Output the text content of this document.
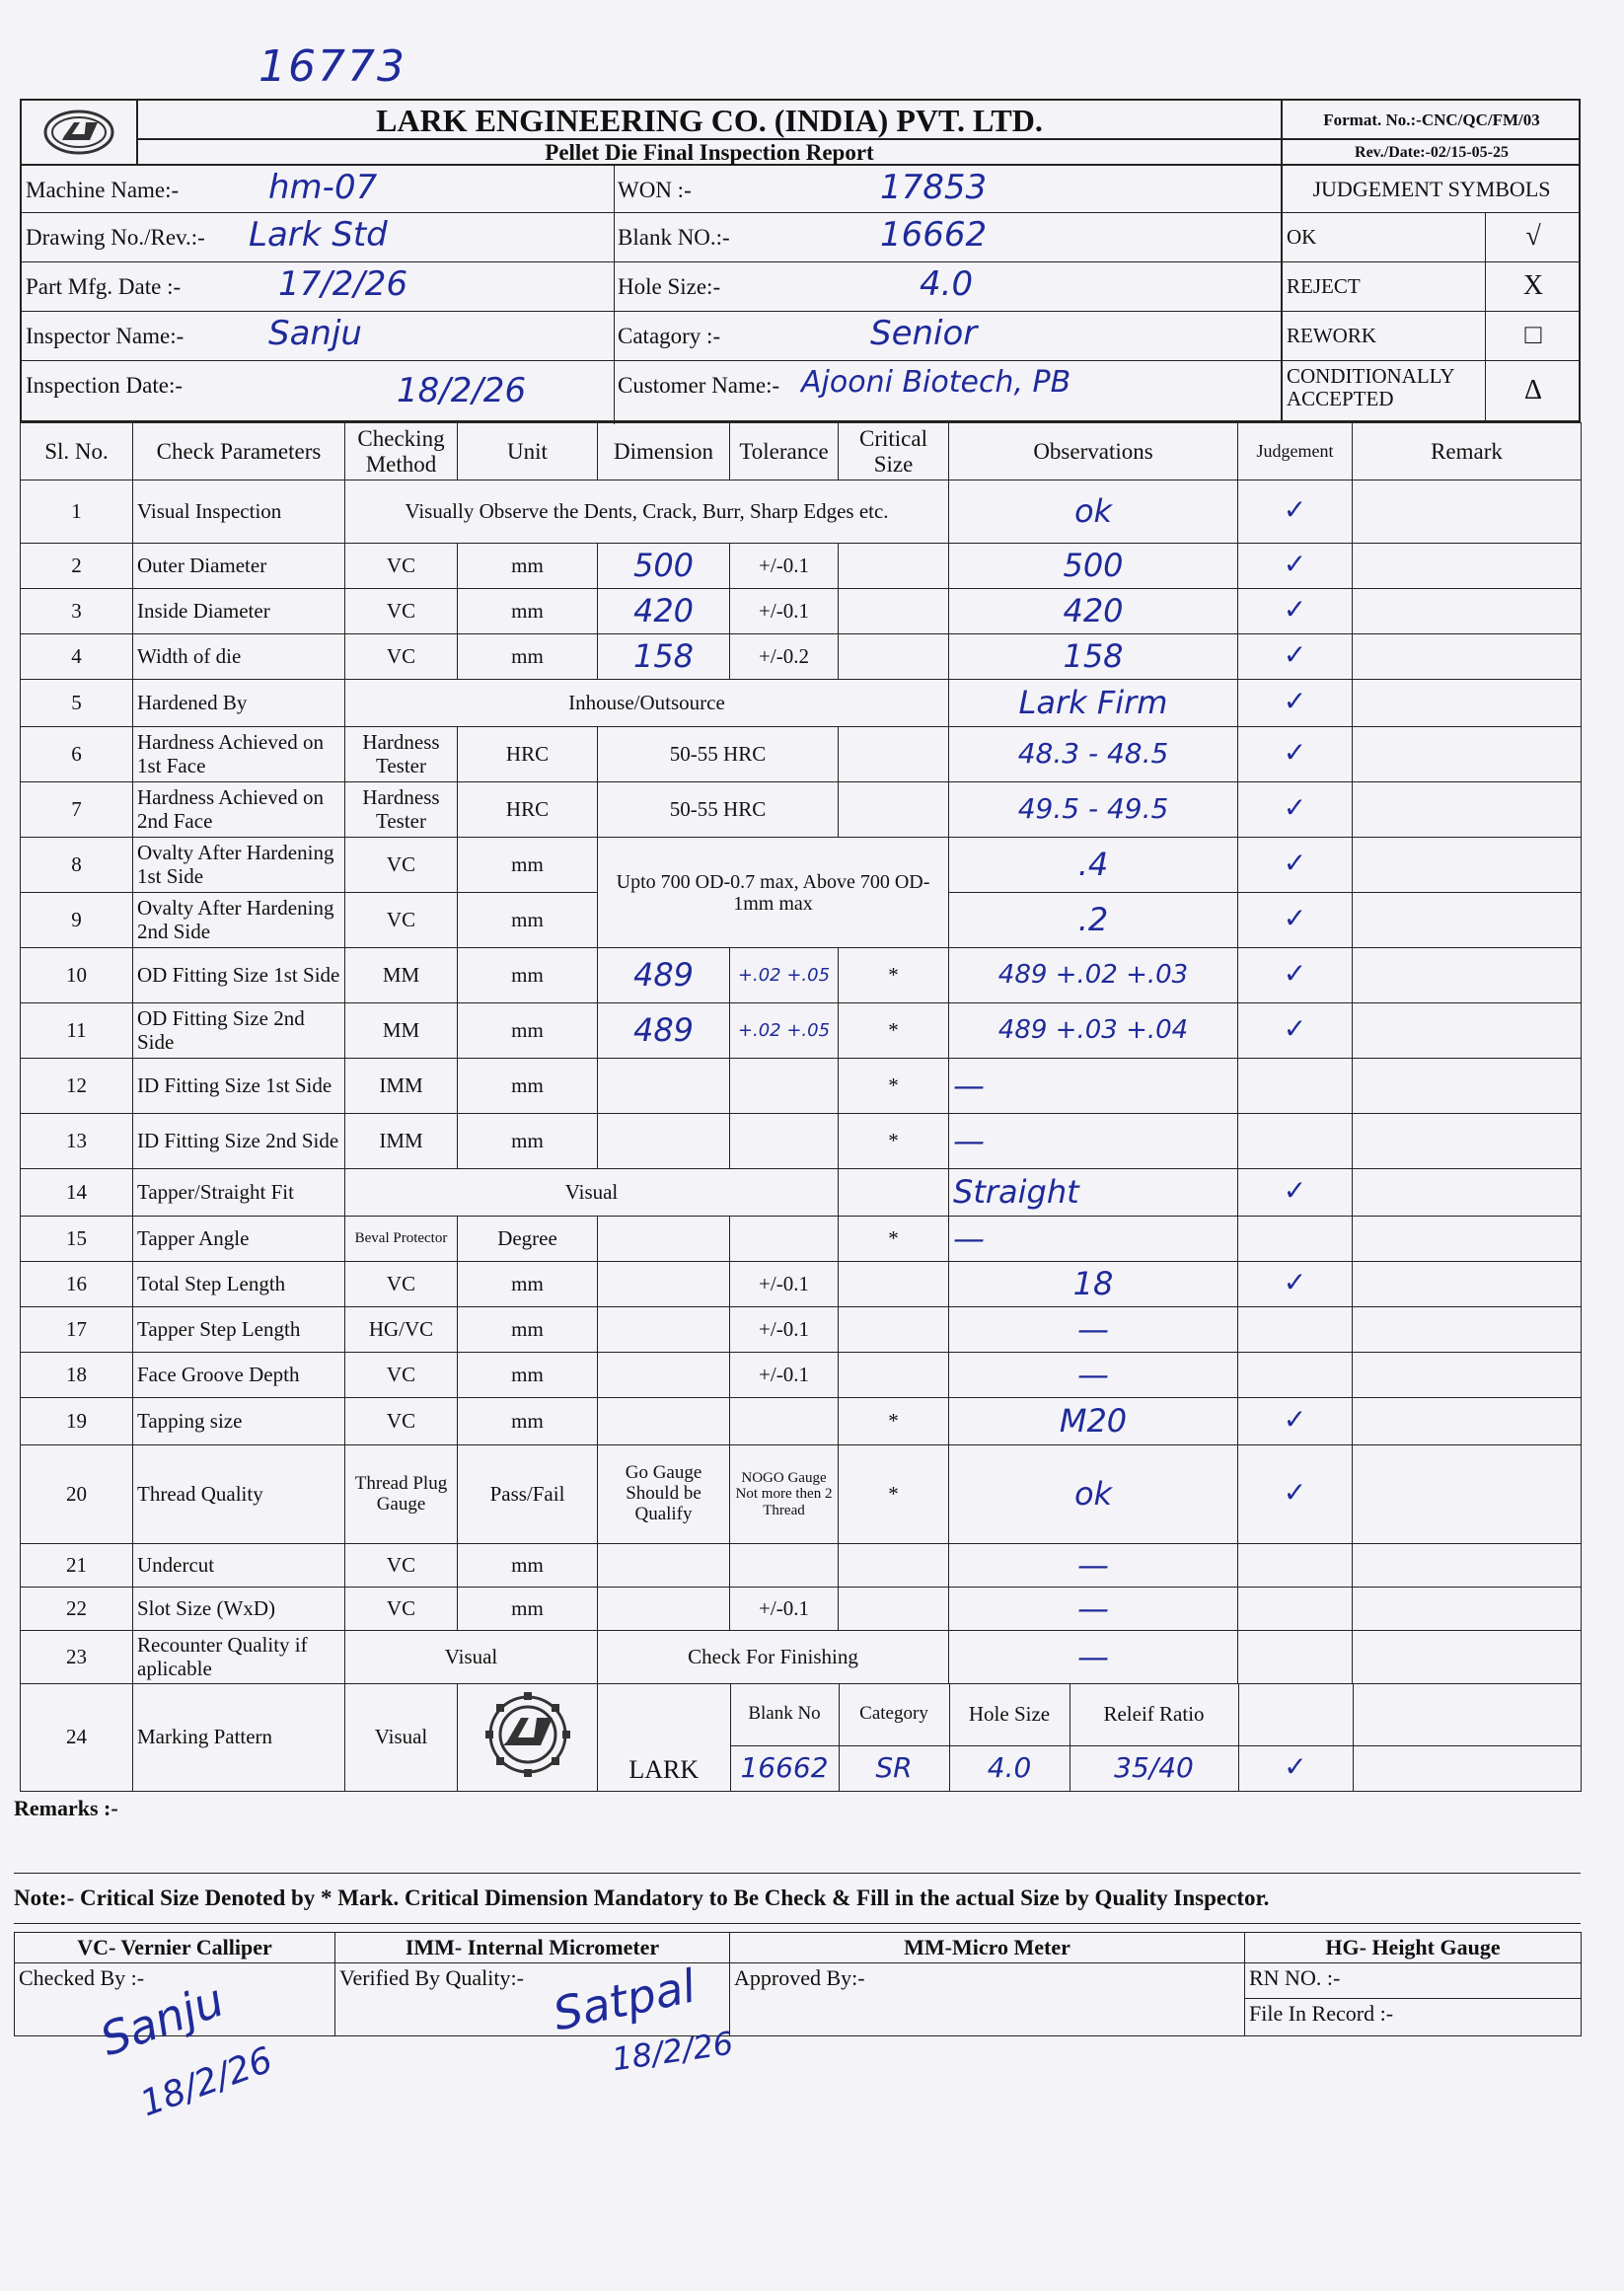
16773
LARK ENGINEERING CO. (INDIA) PVT. LTD.
Pellet Die Final Inspection Report
Format. No.:-CNC/QC/FM/03
Rev./Date:-02/15-05-25
Machine Name:-	hm-07	WON :-	17853
Drawing No./Rev.:- Lark Std	Blank NO.:-	16662
Part Mfg. Date :-	17/2/26	Hole Size:-	4.0
Inspector Name:-	Sanju	Catagory :-	Senior
Inspection Date:-	18/2/26	Customer Name:- Ajooni Biotech, PB
JUDGEMENT SYMBOLS
OK	√
REJECT	X
REWORK	□
CONDITIONALLY ACCEPTED	Δ
Sl. No.	Check Parameters	Checking Method	Unit	Dimension	Tolerance	Critical Size	Observations	Judgement	Remark
1	Visual Inspection	Visually Observe the Dents, Crack, Burr, Sharp Edges etc.	ok	✓	
2	Outer Diameter	VC	mm	500	+/-0.1		500	✓	
3	Inside Diameter	VC	mm	420	+/-0.1		420	✓	
4	Width of die	VC	mm	158	+/-0.2		158	✓	
5	Hardened By	Inhouse/Outsource	Lark Firm	✓	
6	Hardness Achieved on 1st Face	Hardness Tester	HRC	50-55 HRC		48.3 - 48.5	✓	
7	Hardness Achieved on 2nd Face	Hardness Tester	HRC	50-55 HRC		49.5 - 49.5	✓	
8	Ovalty After Hardening 1st Side	VC	mm	Upto 700 OD-0.7 max, Above 700 OD-1mm max	.4	✓	
9	Ovalty After Hardening 2nd Side	VC	mm	.2	✓	
10	OD Fitting Size 1st Side	MM	mm	489	+.02 +.05	*	489 +.02 +.03	✓	
11	OD Fitting Size 2nd Side	MM	mm	489	+.02 +.05	*	489 +.03 +.04	✓	
12	ID Fitting Size 1st Side	IMM	mm			*	—		
13	ID Fitting Size 2nd Side	IMM	mm			*	—		
14	Tapper/Straight Fit	Visual		Straight	✓	
15	Tapper Angle	Beval Protector	Degree			*	—		
16	Total Step Length	VC	mm		+/-0.1		18	✓	
17	Tapper Step Length	HG/VC	mm		+/-0.1		—		
18	Face Groove Depth	VC	mm		+/-0.1		—		
19	Tapping size	VC	mm			*	M20	✓	
20	Thread Quality	Thread Plug Gauge	Pass/Fail	Go Gauge Should be Qualify	NOGO Gauge Not more then 2 Thread	*	ok	✓	
21	Undercut	VC	mm				—		
22	Slot Size (WxD)	VC	mm		+/-0.1		—		
23	Recounter Quality if aplicable	Visual	Check For Finishing	—		
24	Marking Pattern	Visual		
LARK	Blank No	Category	Hole Size	Releif Ratio		
16662	SR	4.0	35/40	✓	
Remarks :-
Note:- Critical Size Denoted by * Mark. Critical Dimension Mandatory to Be Check & Fill in the actual Size by Quality Inspector.
VC- Vernier Calliper	IMM- Internal Micrometer	MM-Micro Meter	HG- Height Gauge
Checked By :-	Verified By Quality:-	Approved By:-	RN NO. :-
			File In Record :-
Sanju
18/2/26
Satpal
18/2/26
